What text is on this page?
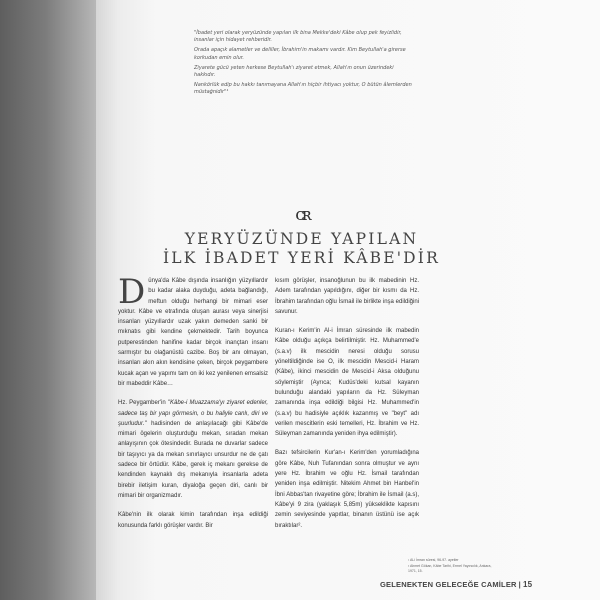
"İbadet yeri olarak yeryüzünde yapılan ilk bina Mekke'deki Kâbe olup pek feyizlidir, insanlar için hidayet rehberidir.

Orada apaçık alametler ve deliller, İbrahim'in makamı vardır. Kim Beytullah'a girerse korkudan emin olur.

Ziyarete gücü yeten herkese Beytullah'ı ziyaret etmek, Allah'ın onun üzerindeki hakkıdır.

Nankörlük edip bu hakkı tanımayana Allah'ın hiçbir ihtiyacı yoktur, O bütün âlemlerden müstağnidir"¹

ᴄʀ
YERYÜZÜNDE YAPILAN
İLK İBADET YERİ KÂBE'DİR

Dünya'da Kâbe dışında insanlığın yüzyıllardır bu kadar alaka duyduğu, adeta bağlandığı, meftun olduğu herhangi bir mimari eser yoktur. Kâbe ve etrafında oluşan aurası veya sinerjisi insanları yüzyıllardır uzak yakın demeden sanki bir mıknatıs gibi kendine çekmektedir. Tarih boyunca putperestinden hanifine kadar birçok inançtan insanı sarmıştır bu olağanüstü cazibe. Boş bir anı olmayan, insanları akın akın kendisine çeken, birçok peygambere kucak açan ve yapımı tam on iki kez yenilenen emsalsiz bir mabeddir Kâbe…

Hz. Peygamber'in "Kâbe-i Muazzama'yı ziyaret edenler, sadece taş bir yapı görmesin, o bu haliyle canlı, diri ve şuurludur." hadisinden de anlaşılacağı gibi Kâbe'de mimari ögelerin oluşturduğu mekan, sıradan mekan anlayışının çok ötesindedir. Burada ne duvarlar sadece bir taşıyıcı ya da mekan sınırlayıcı unsurdur ne de çatı sadece bir örtüdür. Kâbe, gerek iç mekanı gerekse de kendinden kaynaklı dış mekanıyla insanlarla adeta birebir iletişim kuran, diyaloğa geçen diri, canlı bir mimari bir organizmadır.

Kâbe'nin ilk olarak kimin tarafından inşa edildiği konusunda farklı görüşler vardır. Bir

kısım görüşler, insanoğlunun bu ilk mabedinin Hz. Adem tarafından yapıldığını, diğer bir kısmı da Hz. İbrahim tarafından oğlu İsmail ile birlikte inşa edildiğini savunur.

Kuran-ı Kerim'in Al-i İmran süresinde ilk mabedin Kâbe olduğu açıkça belirtilmiştir. Hz. Muhammed'e (s.a.v) ilk mescidin neresi olduğu sorusu yöneltildiğinde ise O, ilk mescidin Mescid-i Haram (Kâbe), ikinci mescidin de Mescid-i Aksa olduğunu söylemiştir (Ayrıca; Kudüs'deki kutsal kayanın bulunduğu alandaki yapıların da Hz. Süleyman zamanında inşa edildiği bilgisi Hz. Muhammed'in (s.a.v) bu hadisiyle açıklık kazanmış ve "beyt" adı verilen mescitlerin eski temelleri, Hz. İbrahim ve Hz. Süleyman zamanında yeniden ihya edilmiştir).

Bazı tefsircilerin Kur'an-ı Kerim'den yorumladığına göre Kâbe, Nuh Tufanından sonra olmuştur ve aynı yere Hz. İbrahim ve oğlu Hz. İsmail tarafından yeniden inşa edilmiştir. Nitekim Ahmet bin Hanbel'in İbni Abbas'tan rivayetine göre; İbrahim ile İsmail (a.s), Kâbe'yi 9 zira (yaklaşık 5,85m) yükseklikte kapısını zemin seviyesinde yapıtlar, binanın üstünü ise açık bıraktılar².

¹ Al-i İmran süresi, 96-97. ayetler

² Ahmet Gökan, Kâbe Tarihi, Ermel Yayıncılık, Ankara, 1971, 15.

GELENEKTEN GELECEĞE CAMİLER | 15
